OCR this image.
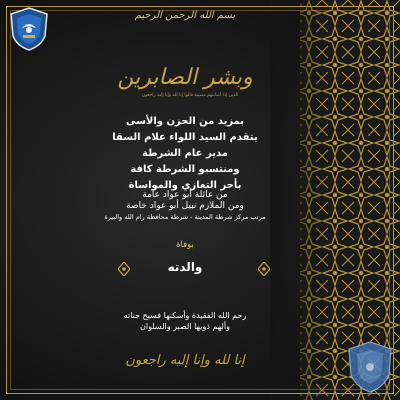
بسم الله الرحمن الرحيم
وبشر الصابرين
الذين إذا أصابتهم مصيبة قالوا إنا لله وإنا إليه راجعون
بمزيد من الحزن والأسى
يتقدم السيد اللواء علام السقا
مدير عام الشرطة
ومنتسبو الشرطة كافة
بأحر التعازي والمواساة
من عائلة أبو عواد عامة
ومن الملازم نبيل أبو عواد خاصة
مرتب مركز شرطة المدينة - شرطة محافظة رام الله والبيرة
بوفاة
والدته
رحم الله الفقيدة وأسكنها فسيح جناته
وألهم ذويها الصبر والسلوان
إنا لله وإنا إليه راجعون
